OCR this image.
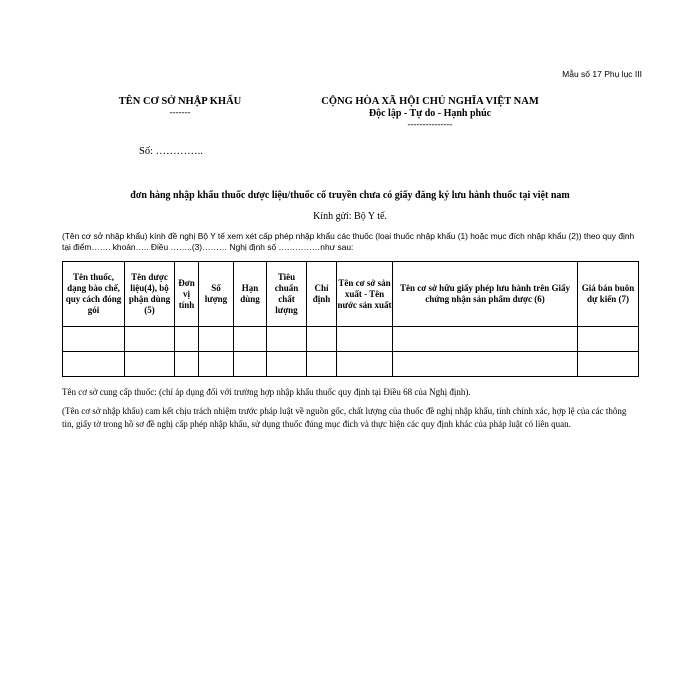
Mẫu số 17 Phụ lục III
TÊN CƠ SỞ NHẬP KHẨU
-------
CỘNG HÒA XÃ HỘI CHỦ NGHĨA VIỆT NAM
Độc lập - Tự do - Hạnh phúc
---------------
Số: …………..
đơn hàng nhập khẩu thuốc dược liệu/thuốc cổ truyền chưa có giấy đăng ký lưu hành thuốc tại việt nam
Kính gửi: Bộ Y tế.
(Tên cơ sở nhập khẩu) kính đề nghị Bộ Y tế xem xét cấp phép nhập khẩu các thuốc (loại thuốc nhập khẩu (1) hoặc mục đích nhập khẩu (2)) theo quy định tại điểm……. khoản….. Điều ……..(3)……… Nghị định số ……………như sau:
Tên thuốc, dạng bào chế, quy cách đóng gói	Tên dược liệu(4), bộ phận dùng (5)	Đơn vị tính	Số lượng	Hạn dùng	Tiêu chuẩn chất lượng	Chỉ định	Tên cơ sở sản xuất - Tên nước sản xuất	Tên cơ sở hữu giấy phép lưu hành trên Giấy chứng nhận sản phẩm dược (6)	Giá bán buôn dự kiến (7)

Tên cơ sở cung cấp thuốc: (chỉ áp dụng đối với trường hợp nhập khẩu thuốc quy định tại Điều 68 của Nghị định).
(Tên cơ sở nhập khẩu) cam kết chịu trách nhiệm trước pháp luật về nguồn gốc, chất lượng của thuốc đề nghị nhập khẩu, tính chính xác, hợp lệ của các thông tin, giấy tờ trong hồ sơ đề nghị cấp phép nhập khẩu, sử dụng thuốc đúng mục đích và thực hiện các quy định khác của pháp luật có liên quan.
